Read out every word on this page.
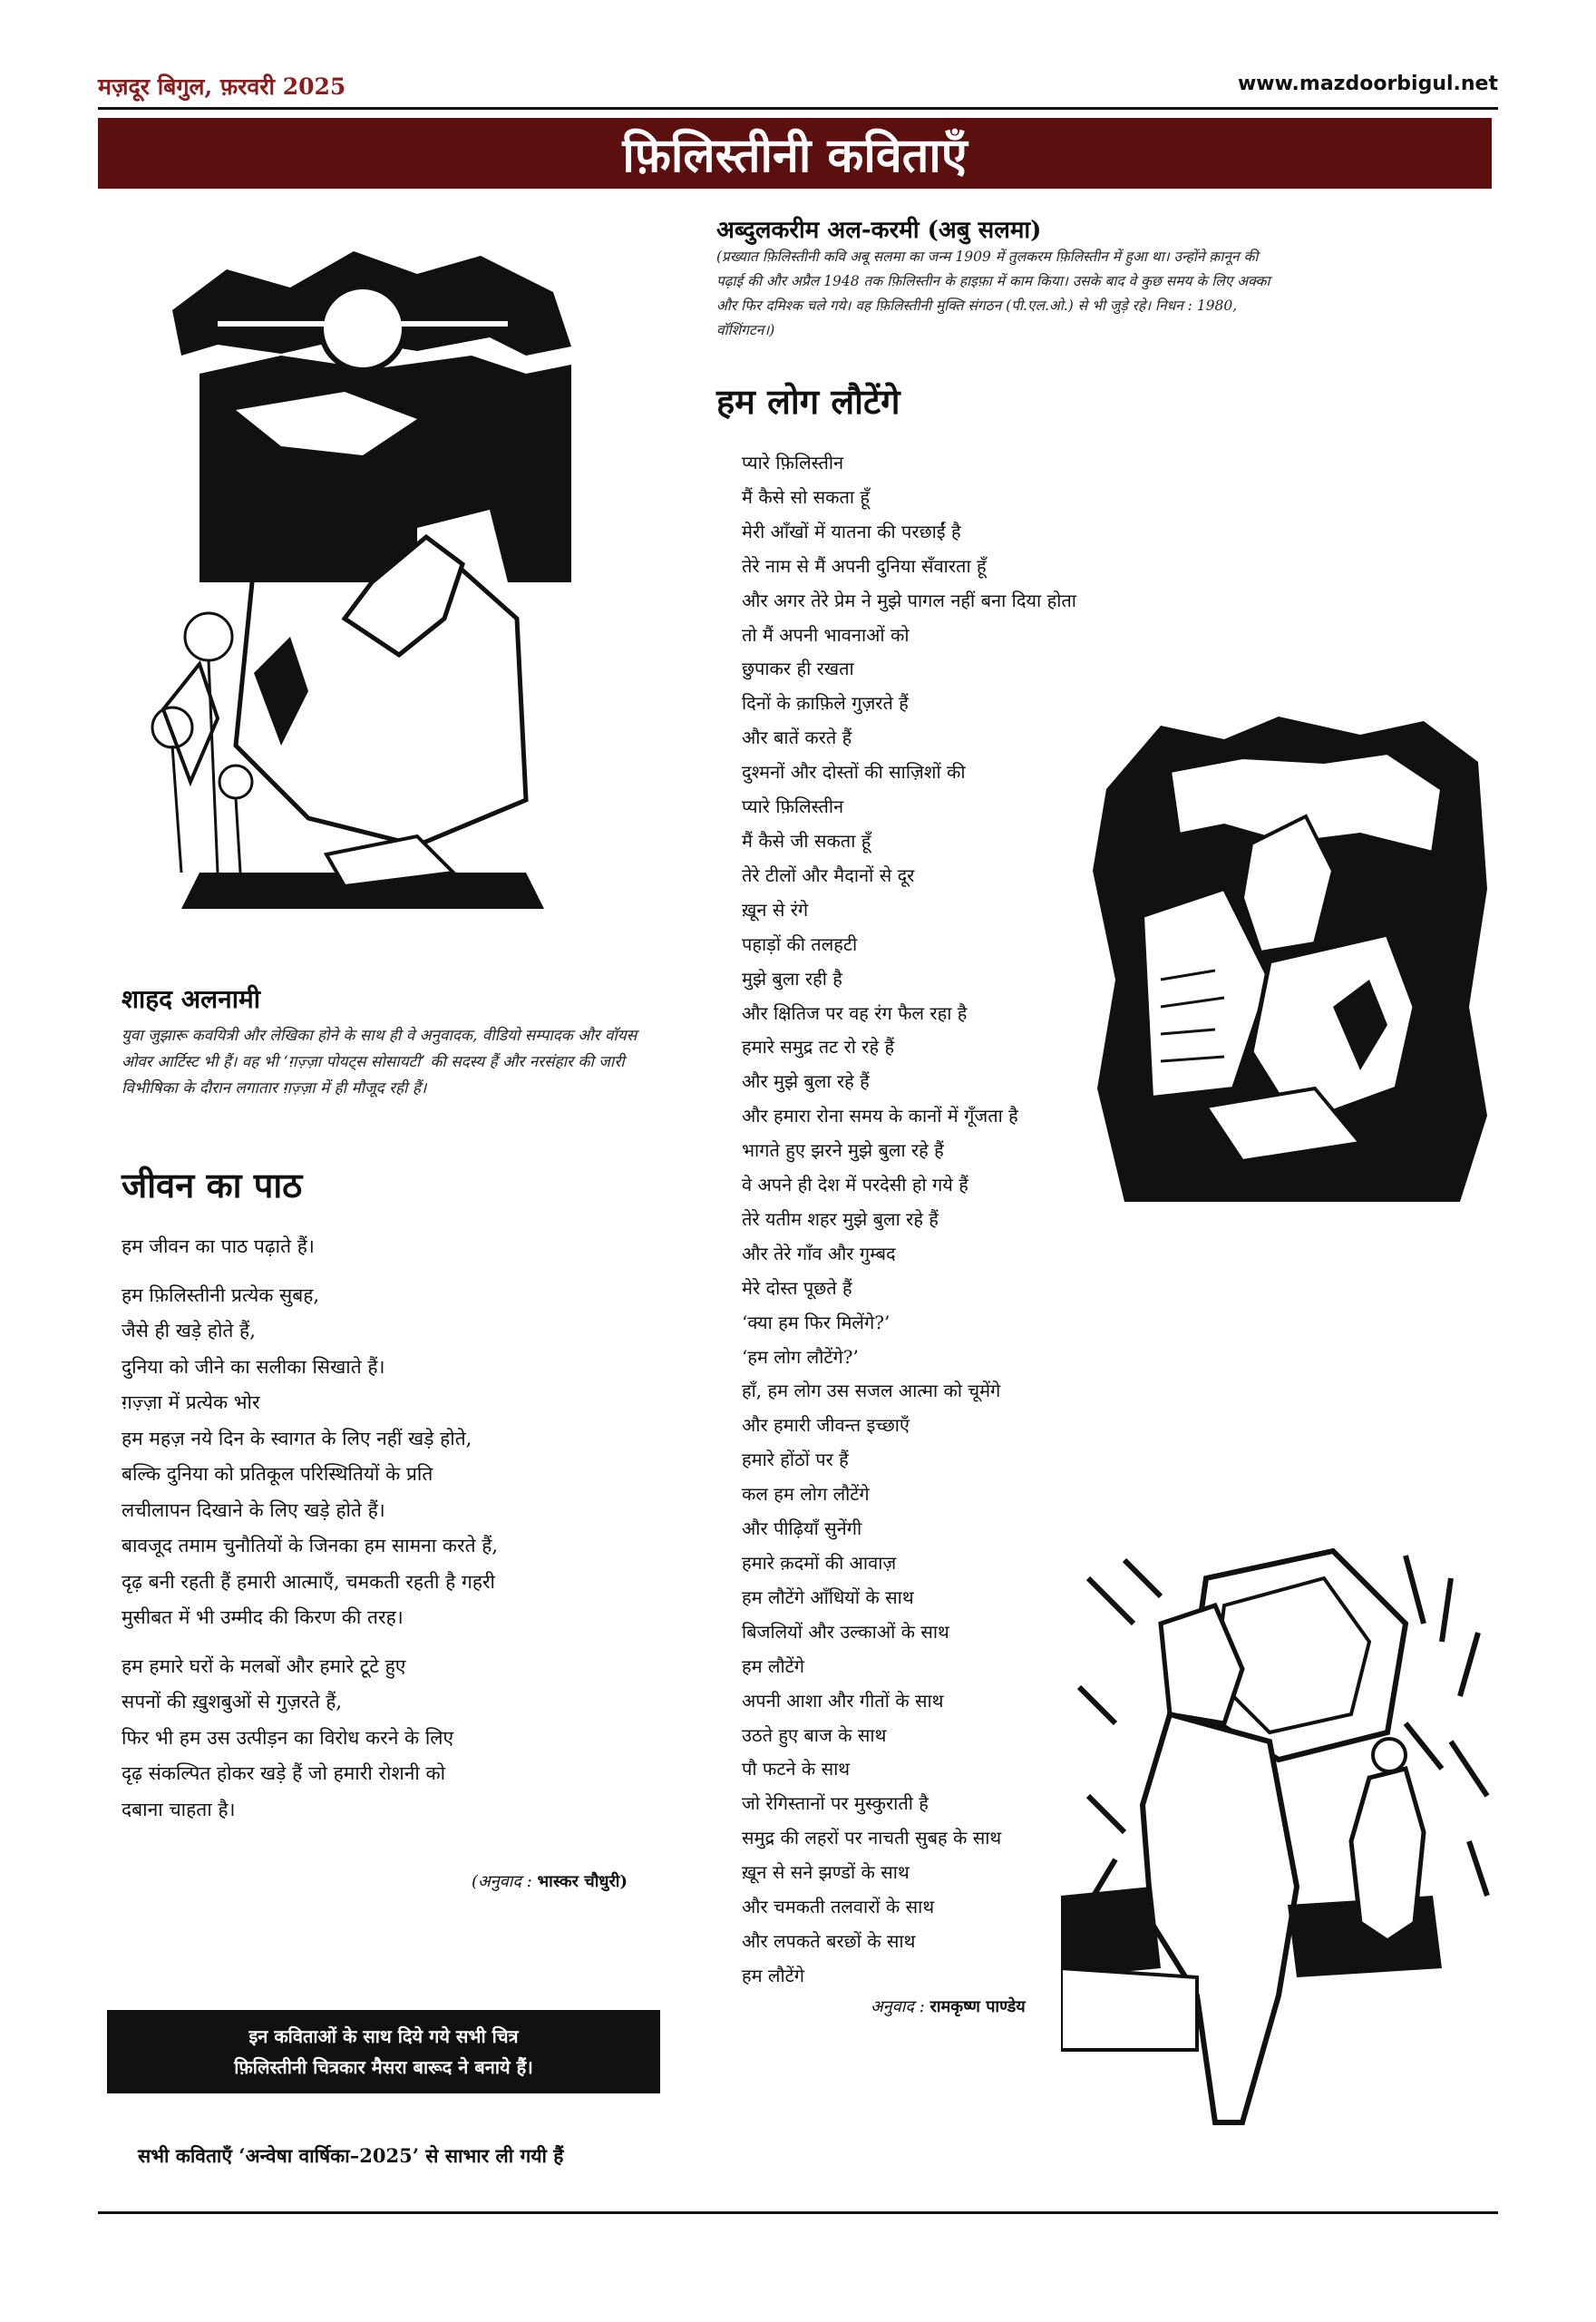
मज़दूर बिगुल, फ़रवरी 2025	www.mazdoorbigul.net
फ़िलिस्तीनी कविताएँ
शाहद अलनामी
युवा जुझारू कवयित्री और लेखिका होने के साथ ही वे अनुवादक, वीडियो सम्पादक और वॉयस ओवर आर्टिस्ट भी हैं। वह भी ‘ग़ज़्ज़ा पोयट्स सोसायटी’ की सदस्य हैं और नरसंहार की जारी विभीषिका के दौरान लगातार ग़ज़्ज़ा में ही मौजूद रही हैं।
जीवन का पाठ
हम जीवन का पाठ पढ़ाते हैं।
हम फ़िलिस्तीनी प्रत्येक सुबह,
जैसे ही खड़े होते हैं,
दुनिया को जीने का सलीका सिखाते हैं।
ग़ज़्ज़ा में प्रत्येक भोर
हम महज़ नये दिन के स्वागत के लिए नहीं खड़े होते,
बल्कि दुनिया को प्रतिकूल परिस्थितियों के प्रति
लचीलापन दिखाने के लिए खड़े होते हैं।
बावजूद तमाम चुनौतियों के जिनका हम सामना करते हैं,
दृढ़ बनी रहती हैं हमारी आत्माएँ, चमकती रहती है गहरी
मुसीबत में भी उम्मीद की किरण की तरह।
हम हमारे घरों के मलबों और हमारे टूटे हुए
सपनों की ख़ुशबुओं से गुज़रते हैं,
फिर भी हम उस उत्पीड़न का विरोध करने के लिए
दृढ़ संकल्पित होकर खड़े हैं जो हमारी रोशनी को
दबाना चाहता है।
(अनुवाद : भास्कर चौधुरी)
इन कविताओं के साथ दिये गये सभी चित्र
फ़िलिस्तीनी चित्रकार मैसरा बारूद ने बनाये हैं।
सभी कविताएँ ‘अन्वेषा वार्षिका–2025’ से साभार ली गयी हैं
अब्दुलकरीम अल-करमी (अबु सलमा)
(प्रख्यात फ़िलिस्तीनी कवि अबू सलमा का जन्म 1909 में तुलकरम फ़िलिस्तीन में हुआ था। उन्होंने क़ानून की पढ़ाई की और अप्रैल 1948 तक फ़िलिस्तीन के हाइफ़ा में काम किया। उसके बाद वे कुछ समय के लिए अक्का और फिर दमिश्क चले गये। वह फ़िलिस्तीनी मुक्ति संगठन (पी.एल.ओ.) से भी जुड़े रहे। निधन : 1980, वॉशिंगटन।)
हम लोग लौटेंगे
प्यारे फ़िलिस्तीन
मैं कैसे सो सकता हूँ
मेरी आँखों में यातना की परछाईं है
तेरे नाम से मैं अपनी दुनिया सँवारता हूँ
और अगर तेरे प्रेम ने मुझे पागल नहीं बना दिया होता
तो मैं अपनी भावनाओं को
छुपाकर ही रखता
दिनों के क़ाफ़िले गुज़रते हैं
और बातें करते हैं
दुश्मनों और दोस्तों की साज़िशों की
प्यारे फ़िलिस्तीन
मैं कैसे जी सकता हूँ
तेरे टीलों और मैदानों से दूर
ख़ून से रंगे
पहाड़ों की तलहटी
मुझे बुला रही है
और क्षितिज पर वह रंग फैल रहा है
हमारे समुद्र तट रो रहे हैं
और मुझे बुला रहे हैं
और हमारा रोना समय के कानों में गूँजता है
भागते हुए झरने मुझे बुला रहे हैं
वे अपने ही देश में परदेसी हो गये हैं
तेरे यतीम शहर मुझे बुला रहे हैं
और तेरे गाँव और गुम्बद
मेरे दोस्त पूछते हैं
‘क्या हम फिर मिलेंगे?’
‘हम लोग लौटेंगे?’
हाँ, हम लोग उस सजल आत्मा को चूमेंगे
और हमारी जीवन्त इच्छाएँ
हमारे होंठों पर हैं
कल हम लोग लौटेंगे
और पीढ़ियाँ सुनेंगी
हमारे क़दमों की आवाज़
हम लौटेंगे आँधियों के साथ
बिजलियों और उल्काओं के साथ
हम लौटेंगे
अपनी आशा और गीतों के साथ
उठते हुए बाज के साथ
पौ फटने के साथ
जो रेगिस्तानों पर मुस्कुराती है
समुद्र की लहरों पर नाचती सुबह के साथ
ख़ून से सने झण्डों के साथ
और चमकती तलवारों के साथ
और लपकते बरछों के साथ
हम लौटेंगे
अनुवाद : रामकृष्ण पाण्डेय
